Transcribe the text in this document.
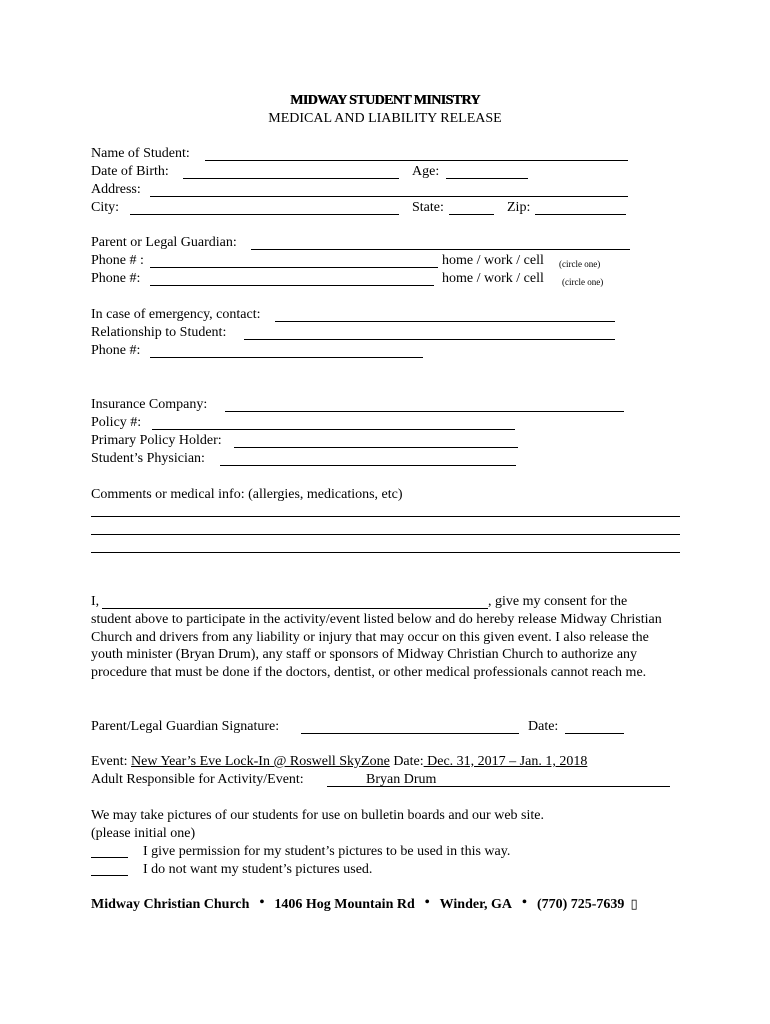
MIDWAY STUDENT MINISTRY
MEDICAL AND LIABILITY RELEASE
Name of Student:
Date of Birth:	Age:
Address:
City:	State:	Zip:
Parent or Legal Guardian:
Phone # :	home / work / cell (circle one)
Phone #:	home / work / cell (circle one)
In case of emergency, contact:
Relationship to Student:
Phone #:
Insurance Company:
Policy #:
Primary Policy Holder:
Student’s Physician:
Comments or medical info: (allergies, medications, etc)
I,	, give my consent for the
student above to participate in the activity/event listed below and do hereby release Midway Christian Church and drivers from any liability or injury that may occur on this given event. I also release the youth minister (Bryan Drum), any staff or sponsors of Midway Christian Church to authorize any procedure that must be done if the doctors, dentist, or other medical professionals cannot reach me.
Parent/Legal Guardian Signature:	Date:
Event: New Year’s Eve Lock-In @ Roswell SkyZone Date: Dec. 31, 2017 – Jan. 1, 2018
Adult Responsible for Activity/Event:	Bryan Drum
We may take pictures of our students for use on bulletin boards and our web site.
(please initial one)
I give permission for my student’s pictures to be used in this way.
I do not want my student’s pictures used.
Midway Christian Church • 1406 Hog Mountain Rd • Winder, GA • (770) 725-7639 ▯
